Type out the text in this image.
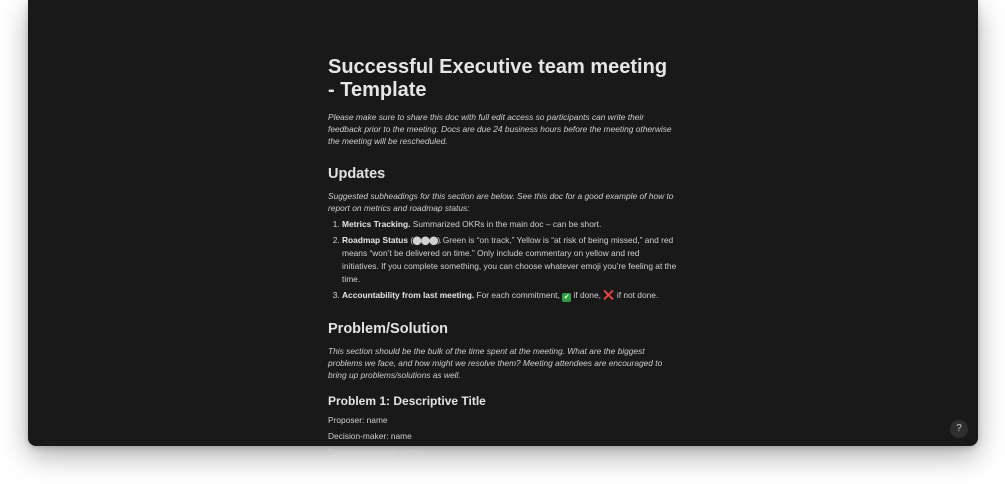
Successful Executive team meeting - Template

Please make sure to share this doc with full edit access so participants can write their feedback prior to the meeting. Docs are due 24 business hours before the meeting otherwise the meeting will be rescheduled.

Updates

Suggested subheadings for this section are below. See this doc for a good example of how to report on metrics and roadmap status:

1. Metrics Tracking. Summarized OKRs in the main doc – can be short.
2. Roadmap Status (⬤⬤⬤). Green is “on track,” Yellow is “at risk of being missed,” and red means “won’t be delivered on time.” Only include commentary on yellow and red initiatives. If you complete something, you can choose whatever emoji you’re feeling at the time.
3. Accountability from last meeting. For each commitment, ✔ if done, ❌ if not done.
Problem/Solution

This section should be the bulk of the time spent at the meeting. What are the biggest problems we face, and how might we resolve them? Meeting attendees are encouraged to bring up problems/solutions as well.

Problem 1: Descriptive Title

Proposer: name

Decision-maker: name

Decision needed by: date

?
